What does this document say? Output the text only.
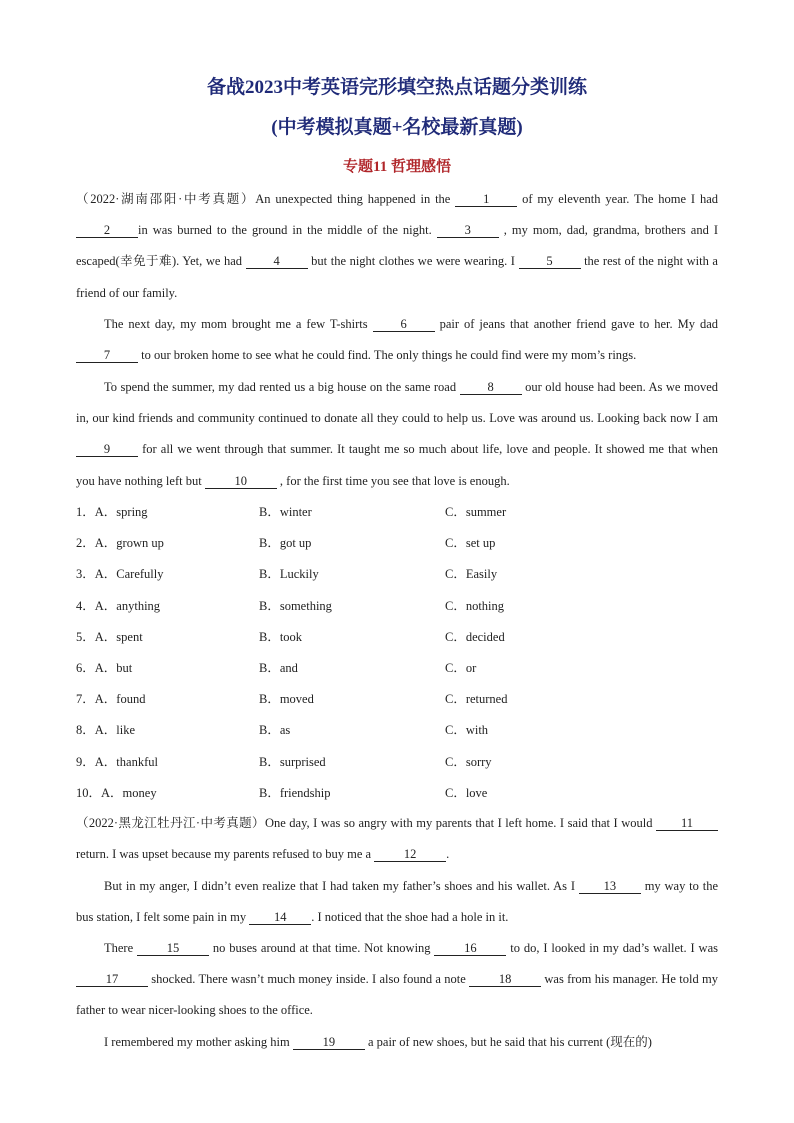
备战2023中考英语完形填空热点话题分类训练
(中考模拟真题+名校最新真题)
专题11 哲理感悟
（2022·湖南邵阳·中考真题）An unexpected thing happened in the 1 of my eleventh year. The home I had 2 in was burned to the ground in the middle of the night. 3 , my mom, dad, grandma, brothers and I escaped(幸免于难). Yet, we had 4 but the night clothes we were wearing. I 5 the rest of the night with a friend of our family.
The next day, my mom brought me a few T-shirts 6 pair of jeans that another friend gave to her. My dad 7 to our broken home to see what he could find. The only things he could find were my mom’s rings.
To spend the summer, my dad rented us a big house on the same road 8 our old house had been. As we moved in, our kind friends and community continued to donate all they could to help us. Love was around us. Looking back now I am 9 for all we went through that summer. It taught me so much about life, love and people. It showed me that when you have nothing left but 10 , for the first time you see that love is enough.
1．A．spring	B．winter	C．summer
2．A．grown up	B．got up	C．set up
3．A．Carefully	B．Luckily	C．Easily
4．A．anything	B．something	C．nothing
5．A．spent	B．took	C．decided
6．A．but	B．and	C．or
7．A．found	B．moved	C．returned
8．A．like	B．as	C．with
9．A．thankful	B．surprised	C．sorry
10．A．money	B．friendship	C．love
（2022·黑龙江牡丹江·中考真题）One day, I was so angry with my parents that I left home. I said that I would 11 return. I was upset because my parents refused to buy me a 12 .
But in my anger, I didn’t even realize that I had taken my father’s shoes and his wallet. As I 13 my way to the bus station, I felt some pain in my 14 . I noticed that the shoe had a hole in it.
There 15 no buses around at that time. Not knowing 16 to do, I looked in my dad’s wallet. I was 17 shocked. There wasn’t much money inside. I also found a note 18 was from his manager. He told my father to wear nicer-looking shoes to the office.
I remembered my mother asking him 19 a pair of new shoes, but he said that his current (现在的)
